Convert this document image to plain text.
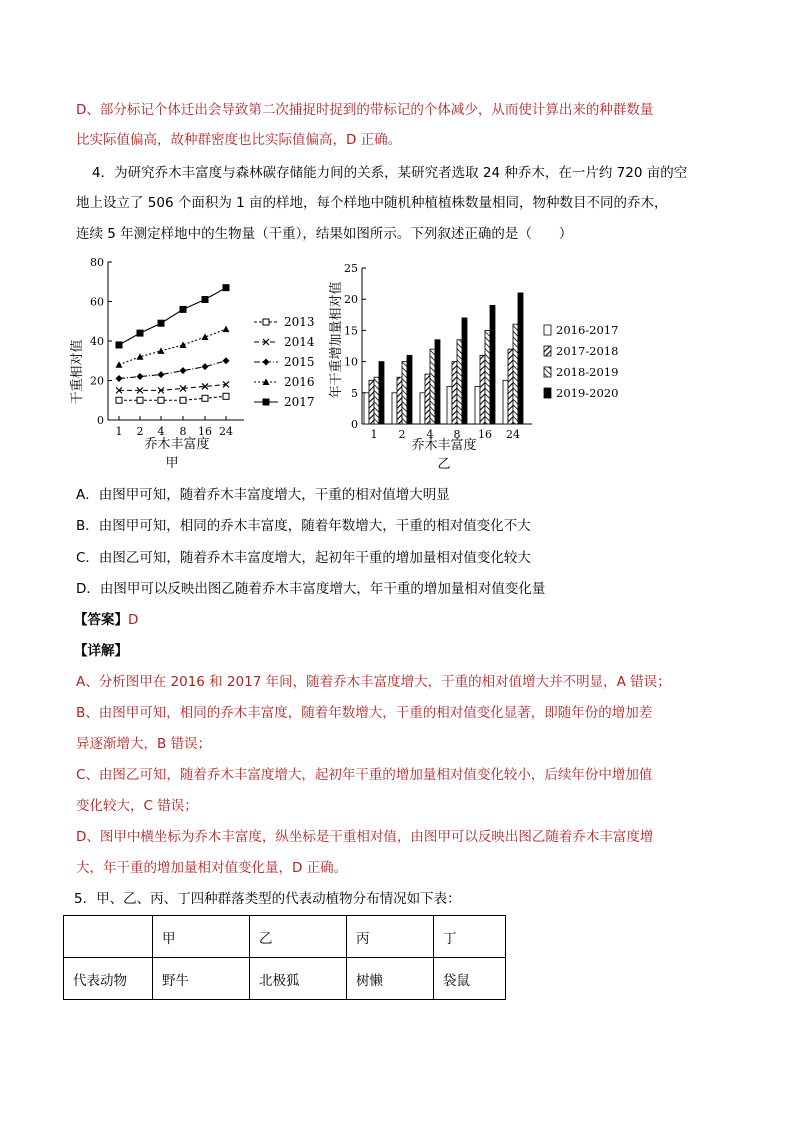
D、部分标记个体迁出会导致第二次捕捉时捉到的带标记的个体减少，从而使计算出来的种群数量
比实际值偏高，故种群密度也比实际值偏高，D 正确。
4．为研究乔木丰富度与森林碳存储能力间的关系，某研究者选取 24 种乔木，在一片约 720 亩的空
地上设立了 506 个面积为 1 亩的样地，每个样地中随机种植植株数量相同，物种数目不同的乔木，
连续 5 年测定样地中的生物量（干重），结果如图所示。下列叙述正确的是（　　）
干重相对值
0
20
40
60
80
1 2 4 8 16 24
2013
2014
2015
2016
2017
乔木丰富度
甲
年干重增加量相对值
0
5
10
15
20
25
1 2 4 8 16 24
2016-2017
2017-2018
2018-2019
2019-2020
乔木丰富度
乙
A．由图甲可知，随着乔木丰富度增大，干重的相对值增大明显
B．由图甲可知，相同的乔木丰富度，随着年数增大，干重的相对值变化不大
C．由图乙可知，随着乔木丰富度增大，起初年干重的增加量相对值变化较大
D．由图甲可以反映出图乙随着乔木丰富度增大，年干重的增加量相对值变化量
【答案】D
【详解】
A、分析图甲在 2016 和 2017 年间，随着乔木丰富度增大，干重的相对值增大并不明显，A 错误；
B、由图甲可知，相同的乔木丰富度，随着年数增大，干重的相对值变化显著，即随年份的增加差
异逐渐增大，B 错误；
C、由图乙可知，随着乔木丰富度增大，起初年干重的增加量相对值变化较小，后续年份中增加值
变化较大，C 错误；
D、图甲中横坐标为乔木丰富度，纵坐标是干重相对值，由图甲可以反映出图乙随着乔木丰富度增
大，年干重的增加量相对值变化量，D 正确。
5．甲、乙、丙、丁四种群落类型的代表动植物分布情况如下表：
	甲	乙	丙	丁
代表动物	野牛	北极狐	树懒	袋鼠
